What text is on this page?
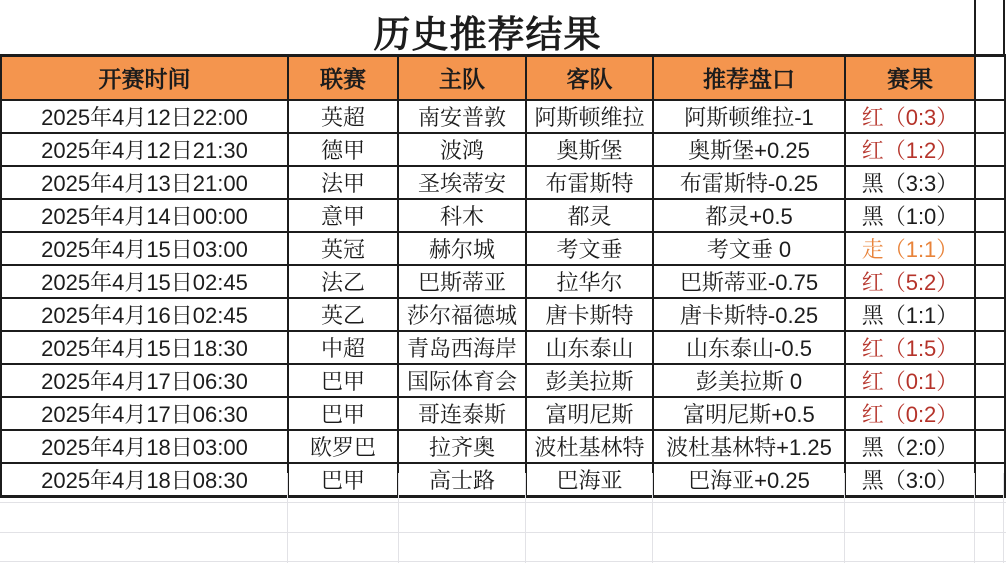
历史推荐结果
开赛时间	联赛	主队	客队	推荐盘口	赛果	
2025年4月12日22:00	英超	南安普敦	阿斯顿维拉	阿斯顿维拉-1	红（0:3）	
2025年4月12日21:30	德甲	波鸿	奥斯堡	奥斯堡+0.25	红（1:2）	
2025年4月13日21:00	法甲	圣埃蒂安	布雷斯特	布雷斯特-0.25	黑（3:3）	
2025年4月14日00:00	意甲	科木	都灵	都灵+0.5	黑（1:0）	
2025年4月15日03:00	英冠	赫尔城	考文垂	考文垂 0	走（1:1）	
2025年4月15日02:45	法乙	巴斯蒂亚	拉华尔	巴斯蒂亚-0.75	红（5:2）	
2025年4月16日02:45	英乙	莎尔福德城	唐卡斯特	唐卡斯特-0.25	黑（1:1）	
2025年4月15日18:30	中超	青岛西海岸	山东泰山	山东泰山-0.5	红（1:5）	
2025年4月17日06:30	巴甲	国际体育会	彭美拉斯	彭美拉斯 0	红（0:1）	
2025年4月17日06:30	巴甲	哥连泰斯	富明尼斯	富明尼斯+0.5	红（0:2）	
2025年4月18日03:00	欧罗巴	拉齐奥	波杜基林特	波杜基林特+1.25	黑（2:0）	
2025年4月18日08:30	巴甲	高士路	巴海亚	巴海亚+0.25	黑（3:0）	
